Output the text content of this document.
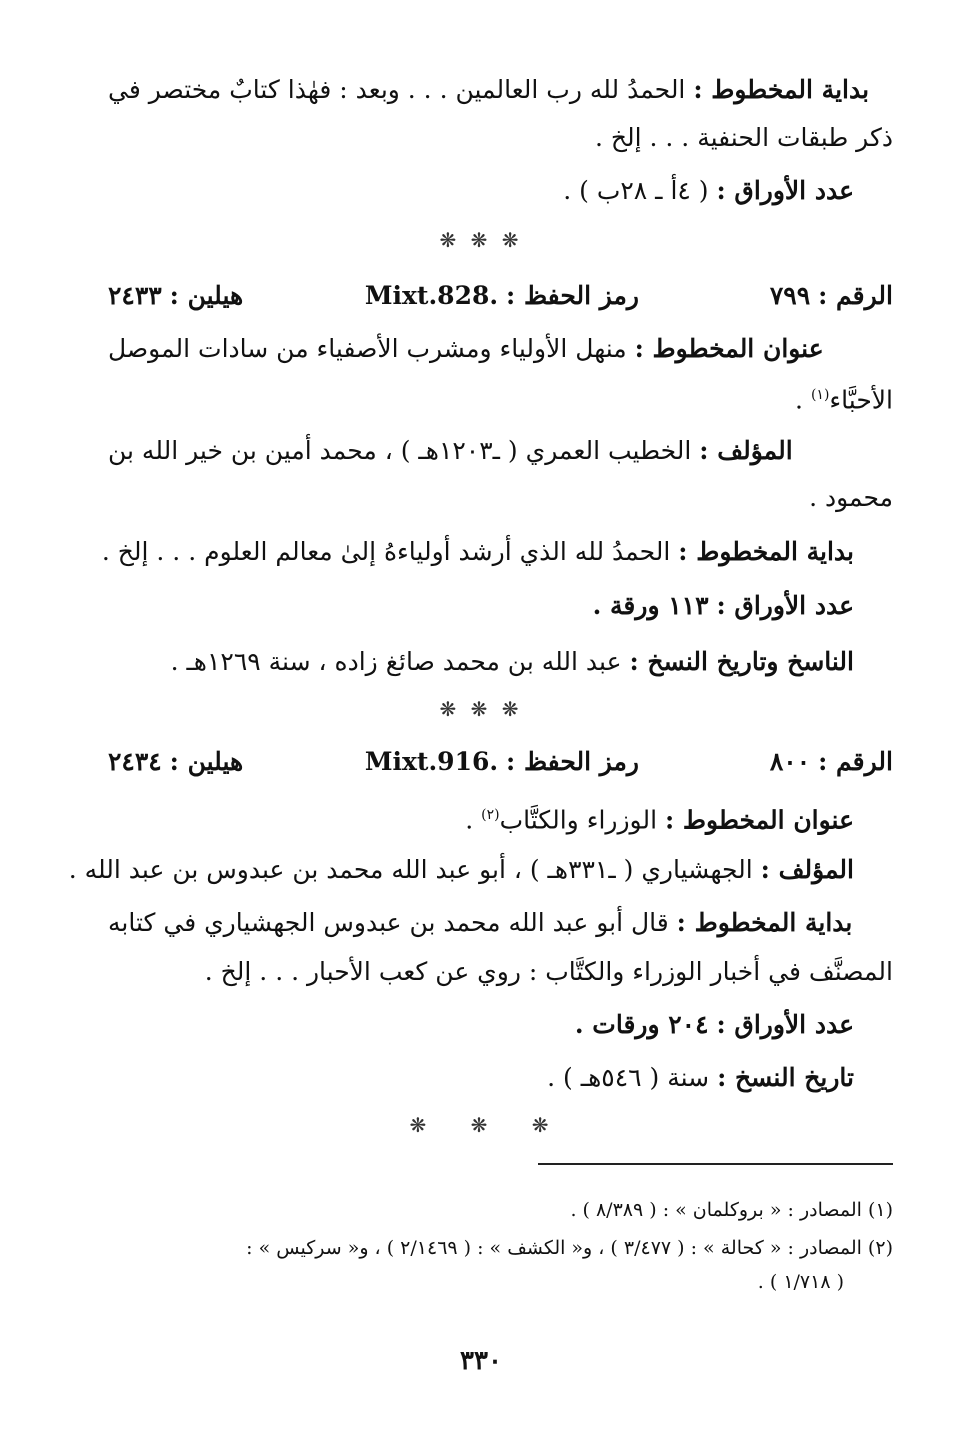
بداية المخطوط : الحمدُ لله رب العالمين . . . وبعد : فهٰذا كتابٌ مختصر في
ذكر طبقات الحنفية . . . إلخ .
عدد الأوراق : ( ٤أ ـ ٢٨ب ) .
❋ ❋ ❋
الرقم : ٧٩٩
رمز الحفظ : Mixt.828.
هيلين : ٢٤٣٣
عنوان المخطوط : منهل الأولياء ومشرب الأصفياء من سادات الموصل
الأحبَّاء$^{(١)}$ .
المؤلف : الخطيب العمري ( ـ١٢٠٣هـ ) ، محمد أمين بن خير الله بن
محمود .
بداية المخطوط : الحمدُ لله الذي أرشد أولياءهُ إلىٰ معالم العلوم . . . إلخ .
عدد الأوراق : ١١٣ ورقة .
الناسخ وتاريخ النسخ : عبد الله بن محمد صائغ زاده ، سنة ١٢٦٩هـ .
❋ ❋ ❋
الرقم : ٨٠٠
رمز الحفظ : Mixt.916.
هيلين : ٢٤٣٤
عنوان المخطوط : الوزراء والكتَّاب$^{(٢)}$ .
المؤلف : الجهشياري ( ـ٣٣١هـ ) ، أبو عبد الله محمد بن عبدوس بن عبد الله .
بداية المخطوط : قال أبو عبد الله محمد بن عبدوس الجهشياري في كتابه
المصنَّف في أخبار الوزراء والكتَّاب : روي عن كعب الأحبار . . . إلخ .
عدد الأوراق : ٢٠٤ ورقات .
تاريخ النسخ : سنة ( ٥٤٦هـ ) .
❋ ❋ ❋
(١) المصادر : « بروكلمان » : ( ٨/٣٨٩ ) .
(٢) المصادر : « كحالة » : ( ٣/٤٧٧ ) ، و« الكشف » : ( ٢/١٤٦٩ ) ، و« سركيس » :
( ١/٧١٨ ) .
٣٣٠
